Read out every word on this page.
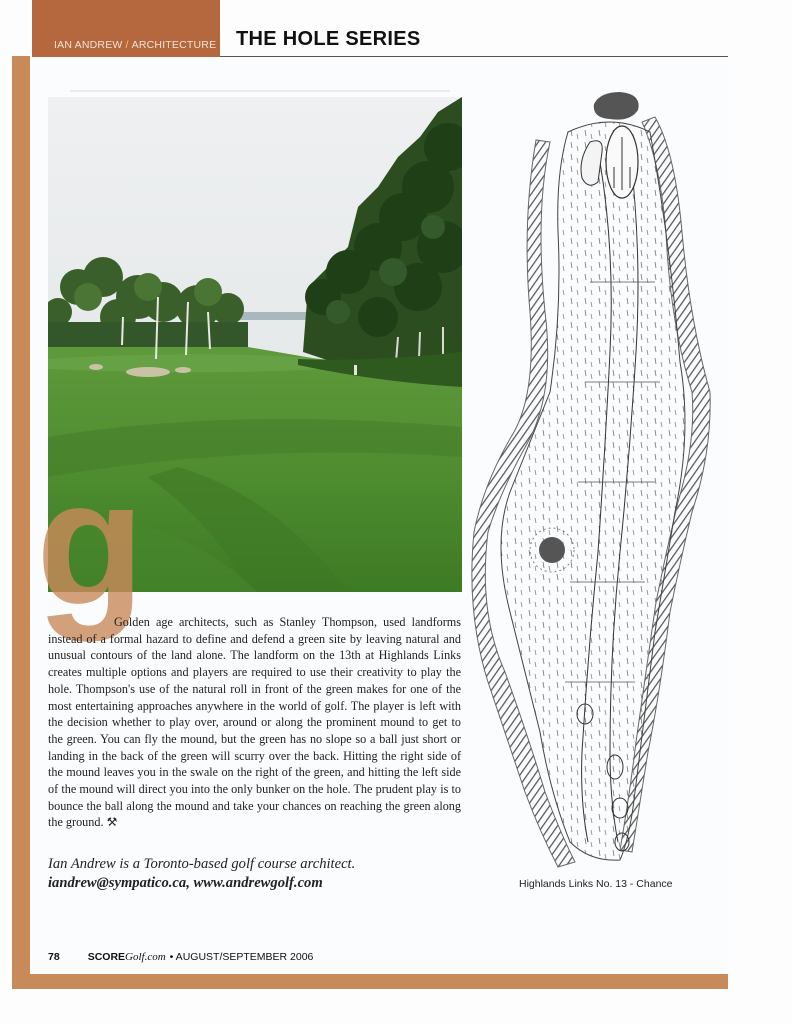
IAN ANDREW / ARCHITECTURE THE HOLE SERIES
g

Golden age architects, such as Stanley Thompson, used landforms instead of a formal hazard to define and defend a green site by leaving natural and unusual contours of the land alone. The landform on the 13th at Highlands Links creates multiple options and players are required to use their creativity to play the hole. Thompson's use of the natural roll in front of the green makes for one of the most entertaining approaches anywhere in the world of golf. The player is left with the decision whether to play over, around or along the prominent mound to get to the green. You can fly the mound, but the green has no slope so a ball just short or landing in the back of the green will scurry over the back. Hitting the right side of the mound leaves you in the swale on the right of the green, and hitting the left side of the mound will direct you into the only bunker on the hole. The prudent play is to bounce the ball along the mound and take your chances on reaching the green along the ground. ⚒

Ian Andrew is a Toronto-based golf course architect.
iandrew@sympatico.ca, www.andrewgolf.com	Highlands Links No. 13 - Chance
78	SCORE Golf.com • AUGUST/SEPTEMBER 2006
